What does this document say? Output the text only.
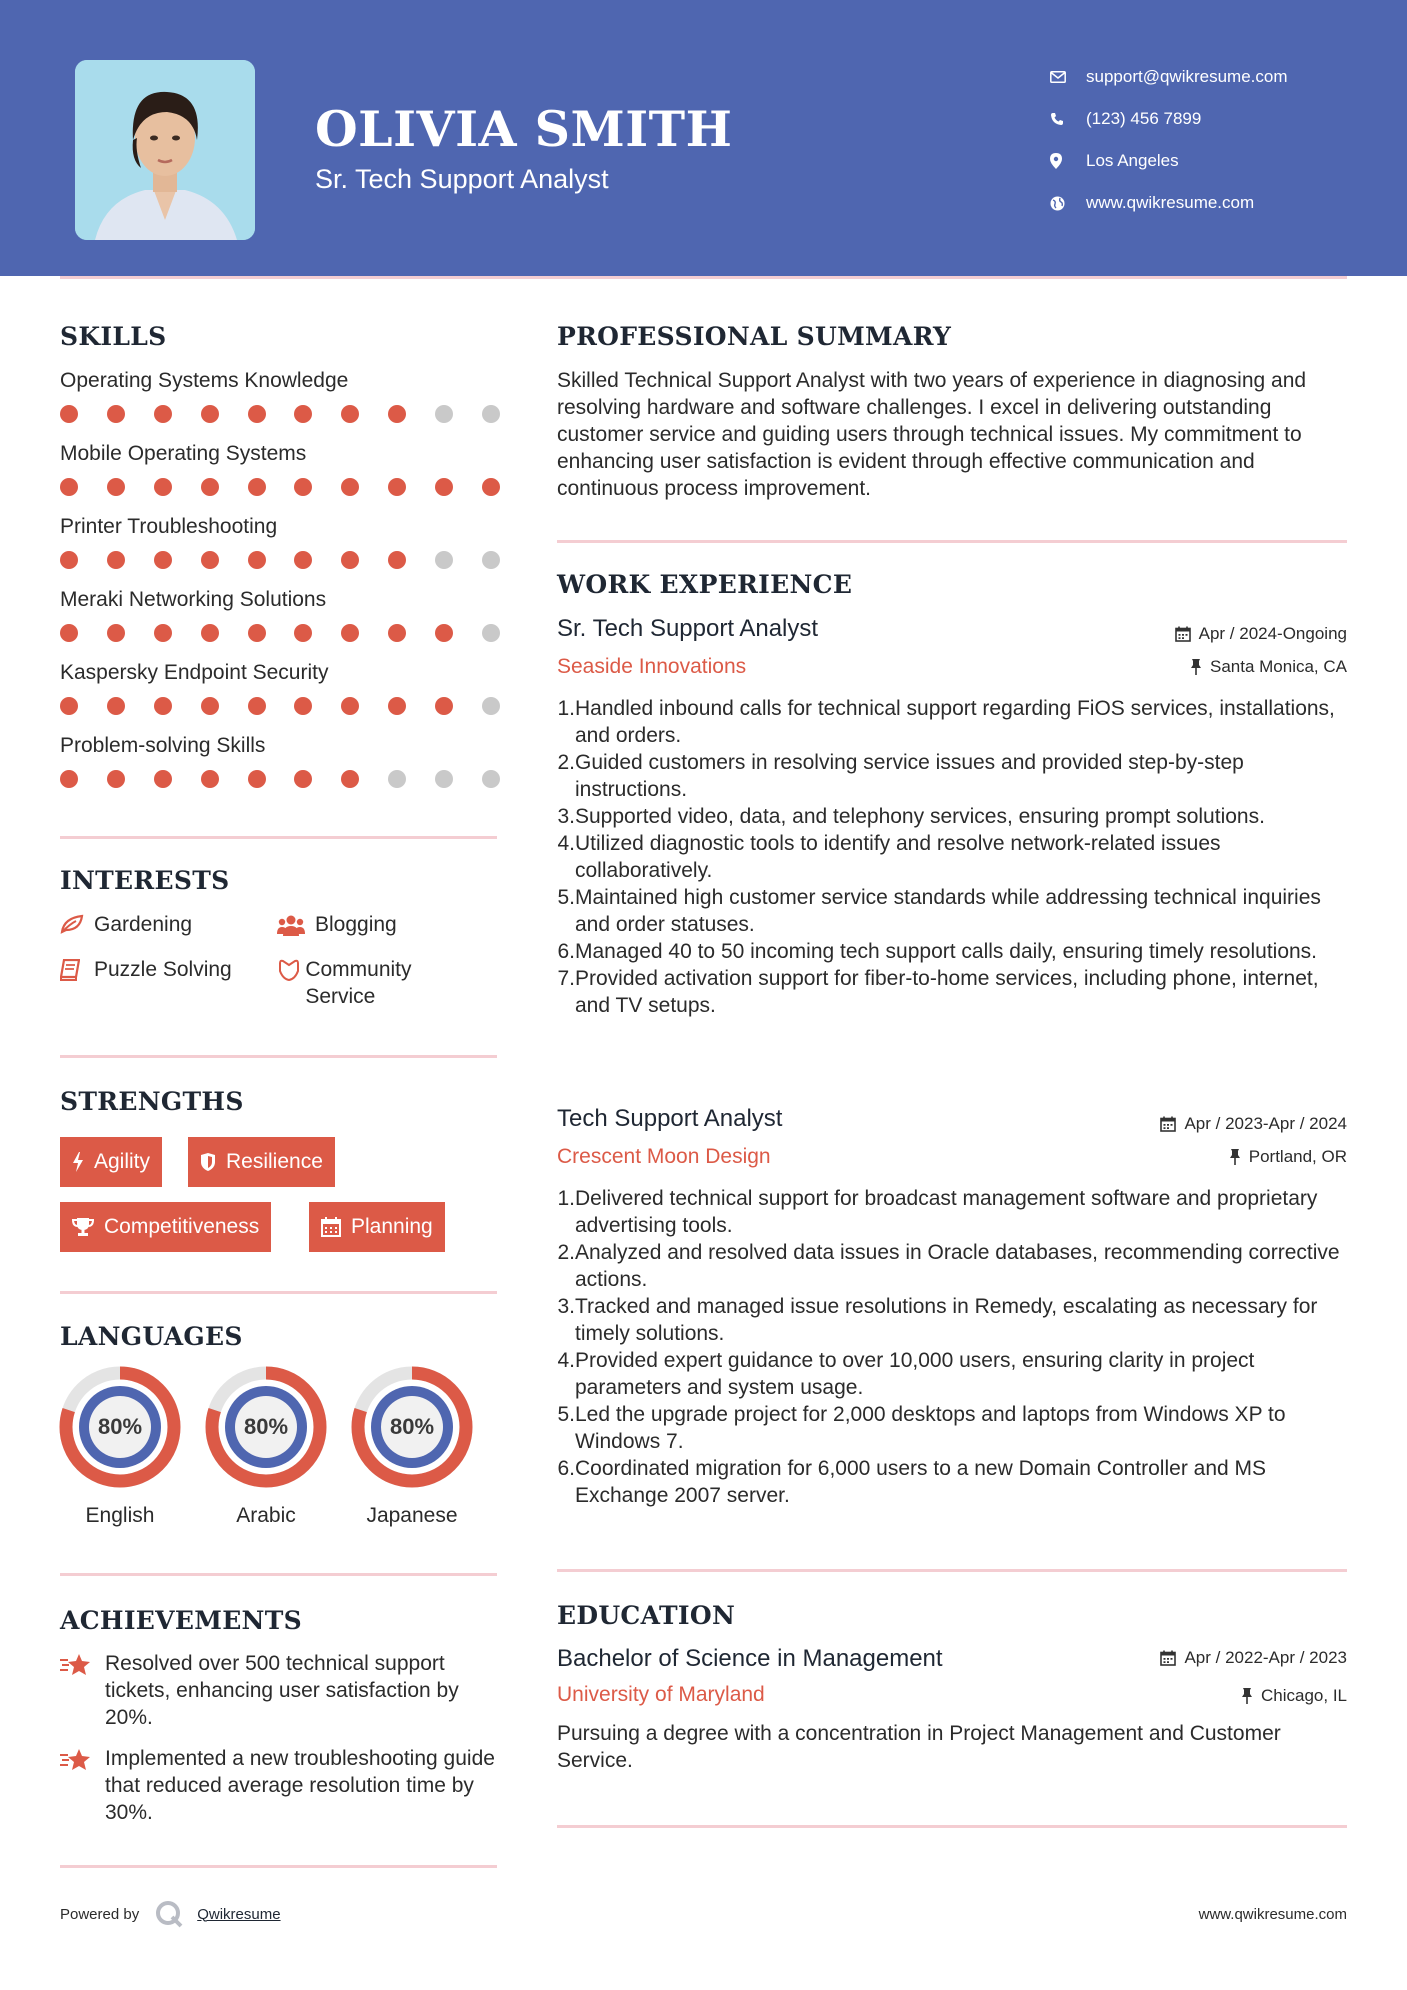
OLIVIA SMITH
Sr. Tech Support Analyst
support@qwikresume.com
(123) 456 7899
Los Angeles
www.qwikresume.com
SKILLS
Operating Systems Knowledge
Mobile Operating Systems
Printer Troubleshooting
Meraki Networking Solutions
Kaspersky Endpoint Security
Problem-solving Skills
INTERESTS
Gardening	Blogging
Puzzle Solving	Community Service
STRENGTHS
Agility	Resilience
Competitiveness	Planning
LANGUAGES
80%
English
80%
Arabic
80%
Japanese
ACHIEVEMENTS
Resolved over 500 technical support tickets, enhancing user satisfaction by 20%.
Implemented a new troubleshooting guide that reduced average resolution time by 30%.
PROFESSIONAL SUMMARY
Skilled Technical Support Analyst with two years of experience in diagnosing and resolving hardware and software challenges. I excel in delivering outstanding customer service and guiding users through technical issues. My commitment to enhancing user satisfaction is evident through effective communication and continuous process improvement.
WORK EXPERIENCE
Sr. Tech Support Analyst	Apr / 2024-Ongoing
Seaside Innovations	Santa Monica, CA
1. Handled inbound calls for technical support regarding FiOS services, installations, and orders.
2. Guided customers in resolving service issues and provided step-by-step instructions.
3. Supported video, data, and telephony services, ensuring prompt solutions.
4. Utilized diagnostic tools to identify and resolve network-related issues collaboratively.
5. Maintained high customer service standards while addressing technical inquiries and order statuses.
6. Managed 40 to 50 incoming tech support calls daily, ensuring timely resolutions.
7. Provided activation support for fiber-to-home services, including phone, internet, and TV setups.
Tech Support Analyst	Apr / 2023-Apr / 2024
Crescent Moon Design	Portland, OR
1. Delivered technical support for broadcast management software and proprietary advertising tools.
2. Analyzed and resolved data issues in Oracle databases, recommending corrective actions.
3. Tracked and managed issue resolutions in Remedy, escalating as necessary for timely solutions.
4. Provided expert guidance to over 10,000 users, ensuring clarity in project parameters and system usage.
5. Led the upgrade project for 2,000 desktops and laptops from Windows XP to Windows 7.
6. Coordinated migration for 6,000 users to a new Domain Controller and MS Exchange 2007 server.
EDUCATION
Bachelor of Science in Management	Apr / 2022-Apr / 2023
University of Maryland	Chicago, IL
Pursuing a degree with a concentration in Project Management and Customer Service.
Powered by	Qwikresume	www.qwikresume.com
